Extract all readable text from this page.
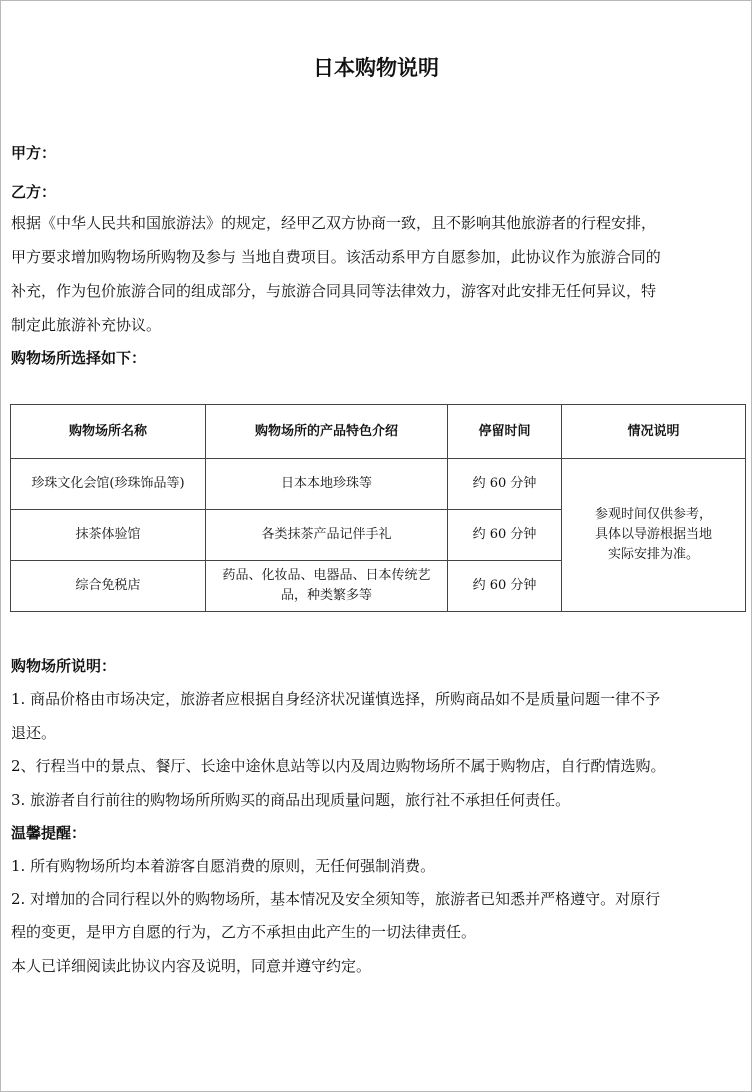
日本购物说明
甲方：
乙方：
根据《中华人民共和国旅游法》的规定，经甲乙双方协商一致，且不影响其他旅游者的行程安排，
甲方要求增加购物场所购物及参与 当地自费项目。该活动系甲方自愿参加，此协议作为旅游合同的
补充，作为包价旅游合同的组成部分，与旅游合同具同等法律效力，游客对此安排无任何异议，特
制定此旅游补充协议。
购物场所选择如下：
购物场所名称	购物场所的产品特色介绍	停留时间	情况说明
珍珠文化会馆(珍珠饰品等)	日本本地珍珠等	约 60 分钟	参观时间仅供参考，
具体以导游根据当地
实际安排为准。

抹茶体验馆	各类抹茶产品记伴手礼	约 60 分钟	
综合免税店	药品、化妆品、电器品、日本传统艺
品，种类繁多等	约 60 分钟	
购物场所说明：
1. 商品价格由市场决定，旅游者应根据自身经济状况谨慎选择，所购商品如不是质量问题一律不予
退还。
2、行程当中的景点、餐厅、长途中途休息站等以内及周边购物场所不属于购物店，自行酌情选购。
3. 旅游者自行前往的购物场所所购买的商品出现质量问题，旅行社不承担任何责任。
温馨提醒：
1. 所有购物场所均本着游客自愿消费的原则，无任何强制消费。
2. 对增加的合同行程以外的购物场所，基本情况及安全须知等，旅游者已知悉并严格遵守。对原行
程的变更，是甲方自愿的行为，乙方不承担由此产生的一切法律责任。
本人已详细阅读此协议内容及说明，同意并遵守约定。
